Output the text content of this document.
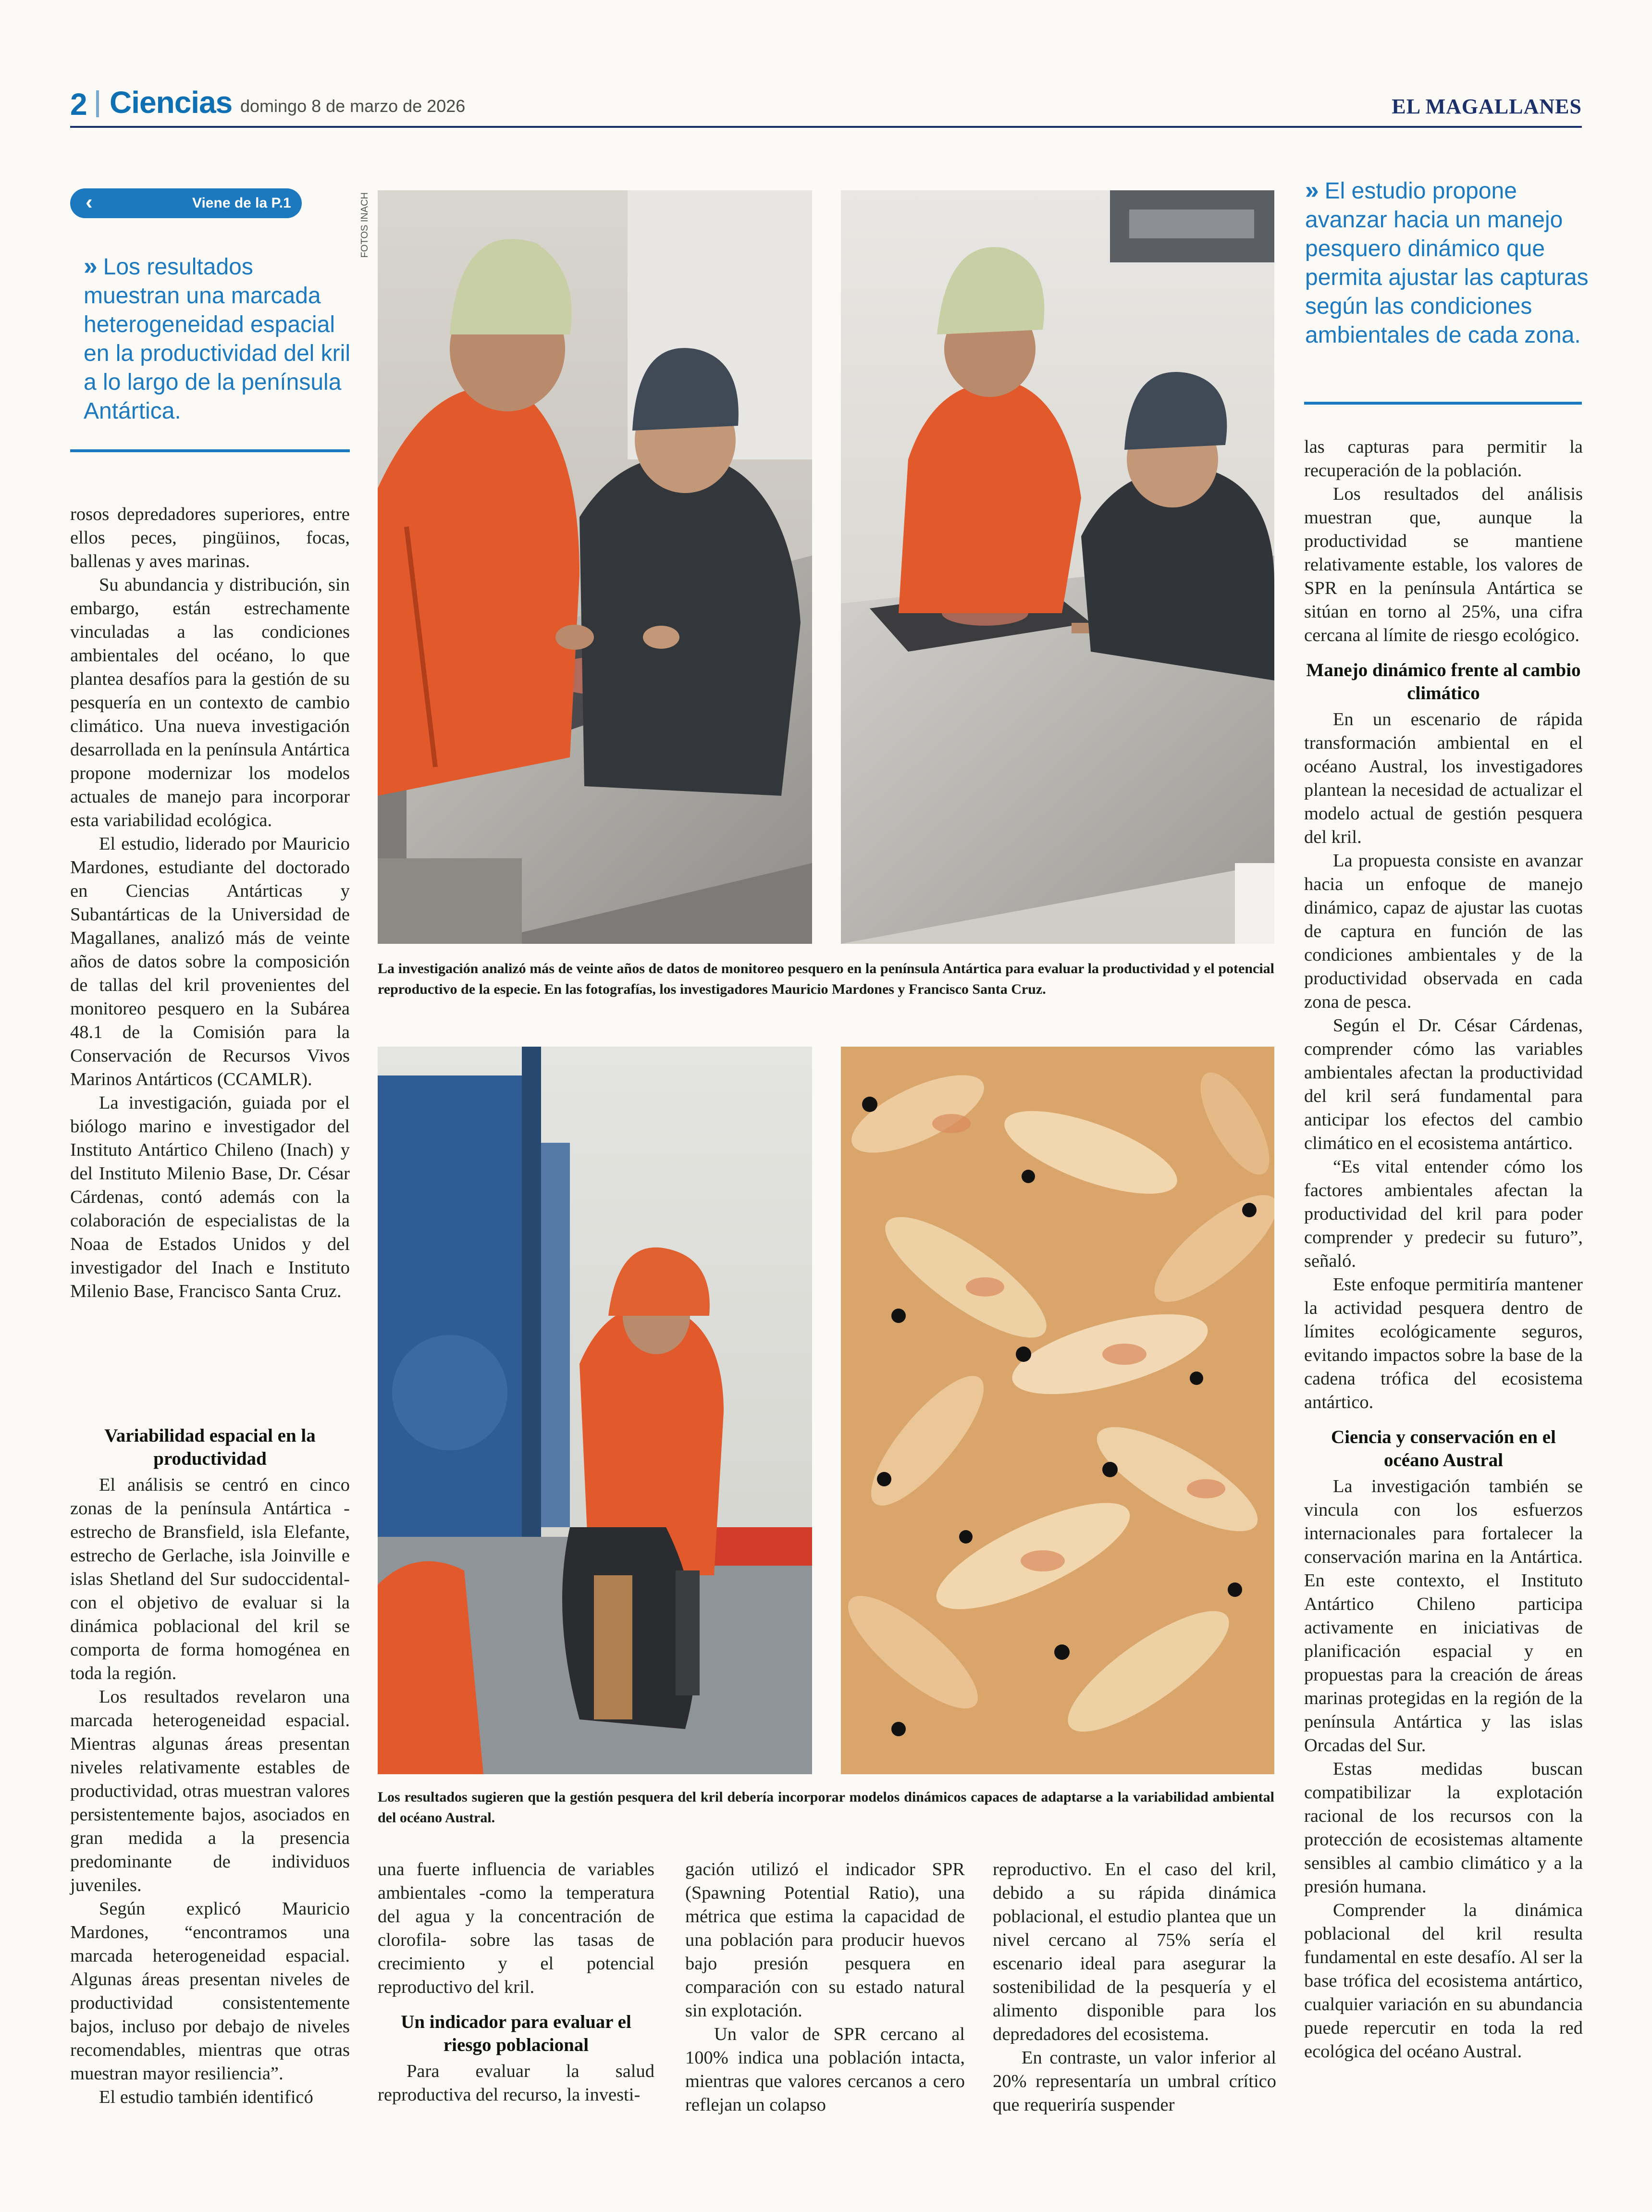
2 Ciencias domingo 8 de marzo de 2026	EL MAGALLANES
‹	Viene de la P.1
›› Los resultados muestran una marcada heterogeneidad espacial en la productividad del kril a lo largo de la península Antártica.
›› El estudio propone avanzar hacia un manejo pesquero dinámico que permita ajustar las capturas según las condiciones ambientales de cada zona.

rosos depredadores superiores, entre ellos peces, pingüinos, focas, ballenas y aves marinas.

Su abundancia y distribución, sin embargo, están estrechamente vinculadas a las condiciones ambientales del océano, lo que plantea desafíos para la gestión de su pesquería en un contexto de cambio climático. Una nueva investigación desarrollada en la península Antártica propone modernizar los modelos actuales de manejo para incorporar esta variabilidad ecológica.

El estudio, liderado por Mauricio Mardones, estudiante del doctorado en Ciencias Antárticas y Subantárticas de la Universidad de Magallanes, analizó más de veinte años de datos sobre la composición de tallas del kril provenientes del monitoreo pesquero en la Subárea 48.1 de la Comisión para la Conservación de Recursos Vivos Marinos Antárticos (CCAMLR).

La investigación, guiada por el biólogo marino e investigador del Instituto Antártico Chileno (Inach) y del Instituto Milenio Base, Dr. César Cárdenas, contó además con la colaboración de especialistas de la Noaa de Estados Unidos y del investigador del Inach e Instituto Milenio Base, Francisco Santa Cruz.

Variabilidad espacial en la productividad

El análisis se centró en cinco zonas de la península Antártica -estrecho de Bransfield, isla Elefante, estrecho de Gerlache, isla Joinville e islas Shetland del Sur sudoccidental- con el objetivo de evaluar si la dinámica poblacional del kril se comporta de forma homogénea en toda la región.

Los resultados revelaron una marcada heterogeneidad espacial. Mientras algunas áreas presentan niveles relativamente estables de productividad, otras muestran valores persistentemente bajos, asociados en gran medida a la presencia predominante de individuos juveniles.

Según explicó Mauricio Mardones, “encontramos una marcada heterogeneidad espacial. Algunas áreas presentan niveles de productividad consistentemente bajos, incluso por debajo de niveles recomendables, mientras que otras muestran mayor resiliencia”.

El estudio también identificó

FOTOS INACH
La investigación analizó más de veinte años de datos de monitoreo pesquero en la península Antártica para evaluar la productividad y el potencial reproductivo de la especie. En las fotografías, los investigadores Mauricio Mardones y Francisco Santa Cruz.
Los resultados sugieren que la gestión pesquera del kril debería incorporar modelos dinámicos capaces de adaptarse a la variabilidad ambiental del océano Austral.

una fuerte influencia de variables ambientales -como la temperatura del agua y la concentración de clorofila- sobre las tasas de crecimiento y el potencial reproductivo del kril.

Un indicador para evaluar el riesgo poblacional

Para evaluar la salud reproductiva del recurso, la investi-

gación utilizó el indicador SPR (Spawning Potential Ratio), una métrica que estima la capacidad de una población para producir huevos bajo presión pesquera en comparación con su estado natural sin explotación.

Un valor de SPR cercano al 100% indica una población intacta, mientras que valores cercanos a cero reflejan un colapso

reproductivo. En el caso del kril, debido a su rápida dinámica poblacional, el estudio plantea que un nivel cercano al 75% sería el escenario ideal para asegurar la sostenibilidad de la pesquería y el alimento disponible para los depredadores del ecosistema.

En contraste, un valor inferior al 20% representaría un umbral crítico que requeriría suspender

las capturas para permitir la recuperación de la población.

Los resultados del análisis muestran que, aunque la productividad se mantiene relativamente estable, los valores de SPR en la península Antártica se sitúan en torno al 25%, una cifra cercana al límite de riesgo ecológico.

Manejo dinámico frente al cambio climático

En un escenario de rápida transformación ambiental en el océano Austral, los investigadores plantean la necesidad de actualizar el modelo actual de gestión pesquera del kril.

La propuesta consiste en avanzar hacia un enfoque de manejo dinámico, capaz de ajustar las cuotas de captura en función de las condiciones ambientales y de la productividad observada en cada zona de pesca.

Según el Dr. César Cárdenas, comprender cómo las variables ambientales afectan la productividad del kril será fundamental para anticipar los efectos del cambio climático en el ecosistema antártico.

“Es vital entender cómo los factores ambientales afectan la productividad del kril para poder comprender y predecir su futuro”, señaló.

Este enfoque permitiría mantener la actividad pesquera dentro de límites ecológicamente seguros, evitando impactos sobre la base de la cadena trófica del ecosistema antártico.

Ciencia y conservación en el océano Austral

La investigación también se vincula con los esfuerzos internacionales para fortalecer la conservación marina en la Antártica. En este contexto, el Instituto Antártico Chileno participa activamente en iniciativas de planificación espacial y en propuestas para la creación de áreas marinas protegidas en la región de la península Antártica y las islas Orcadas del Sur.

Estas medidas buscan compatibilizar la explotación racional de los recursos con la protección de ecosistemas altamente sensibles al cambio climático y a la presión humana.

Comprender la dinámica poblacional del kril resulta fundamental en este desafío. Al ser la base trófica del ecosistema antártico, cualquier variación en su abundancia puede repercutir en toda la red ecológica del océano Austral.
